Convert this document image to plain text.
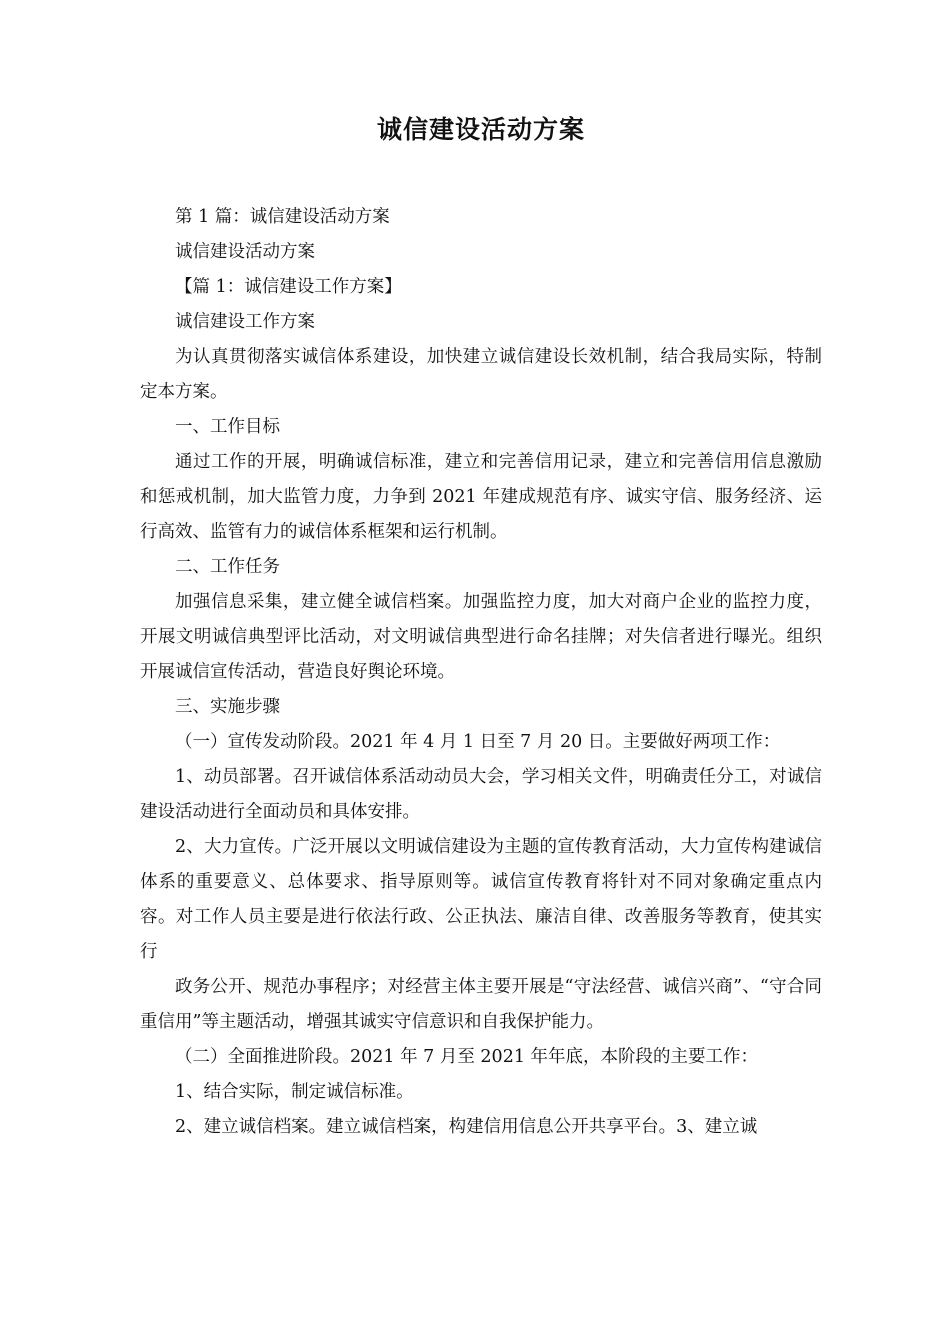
诚信建设活动方案

第 1 篇：诚信建设活动方案

诚信建设活动方案

【篇 1：诚信建设工作方案】

诚信建设工作方案

为认真贯彻落实诚信体系建设，加快建立诚信建设长效机制，结合我局实际，特制定本方案。

一、工作目标

通过工作的开展，明确诚信标准，建立和完善信用记录，建立和完善信用信息激励和惩戒机制，加大监管力度，力争到 2021 年建成规范有序、诚实守信、服务经济、运行高效、监管有力的诚信体系框架和运行机制。

二、工作任务

加强信息采集，建立健全诚信档案。加强监控力度，加大对商户企业的监控力度，开展文明诚信典型评比活动，对文明诚信典型进行命名挂牌；对失信者进行曝光。组织开展诚信宣传活动，营造良好舆论环境。

三、实施步骤

（一）宣传发动阶段。2021 年 4 月 1 日至 7 月 20 日。主要做好两项工作：

1、动员部署。召开诚信体系活动动员大会，学习相关文件，明确责任分工，对诚信建设活动进行全面动员和具体安排。

2、大力宣传。广泛开展以文明诚信建设为主题的宣传教育活动，大力宣传构建诚信体系的重要意义、总体要求、指导原则等。诚信宣传教育将针对不同对象确定重点内容。对工作人员主要是进行依法行政、公正执法、廉洁自律、改善服务等教育，使其实行

政务公开、规范办事程序；对经营主体主要开展是“守法经营、诚信兴商”、“守合同重信用”等主题活动，增强其诚实守信意识和自我保护能力。

（二）全面推进阶段。2021 年 7 月至 2021 年年底，本阶段的主要工作：

1、结合实际，制定诚信标准。

2、建立诚信档案。建立诚信档案，构建信用信息公开共享平台。3、建立诚
